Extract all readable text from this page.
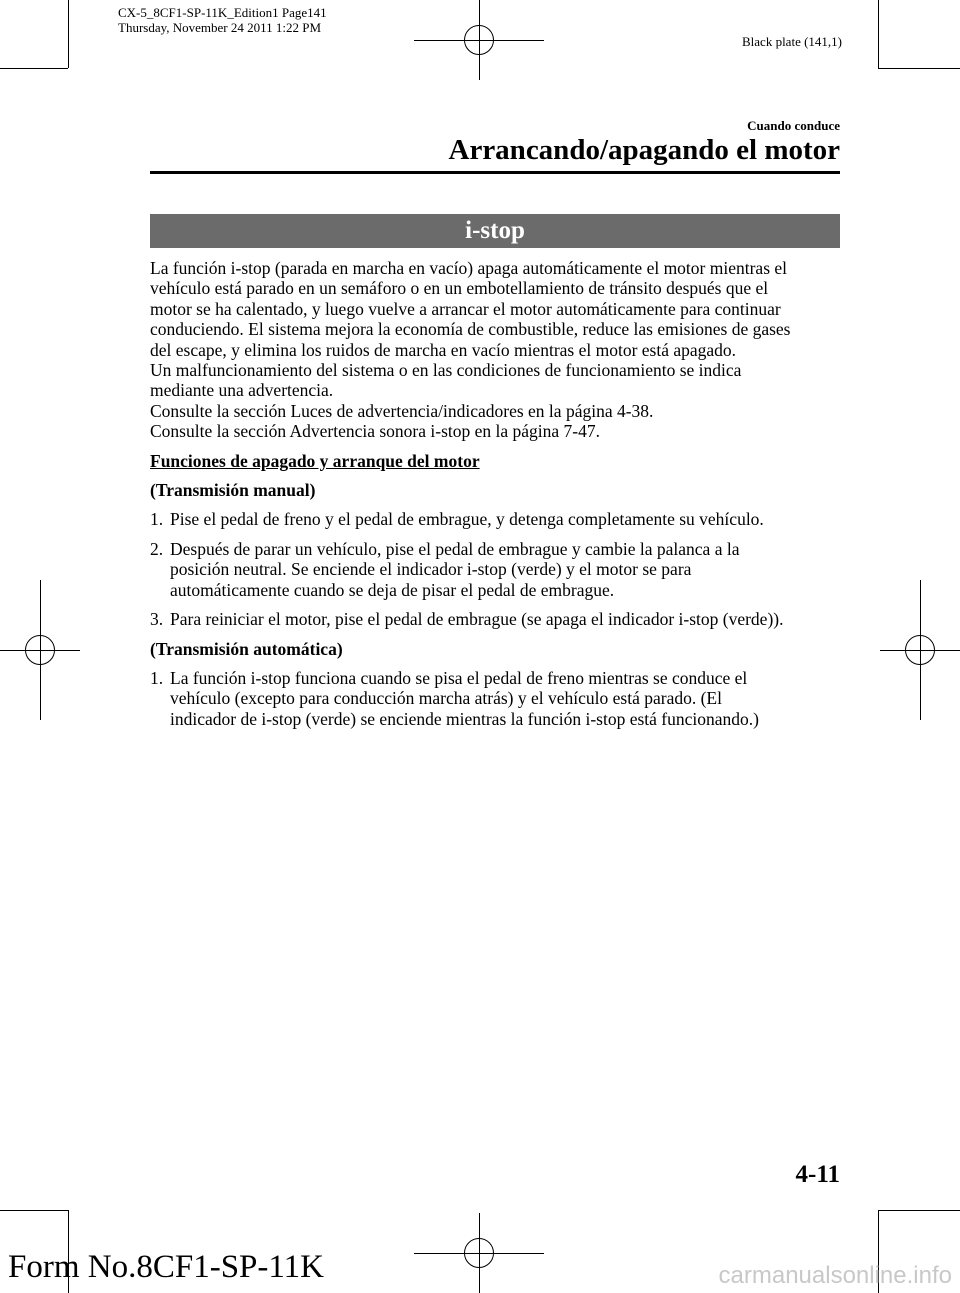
CX-5_8CF1-SP-11K_Edition1 Page141
Thursday, November 24 2011 1:22 PM
Black plate (141,1)
Cuando conduce
Arrancando/apagando el motor
i-stop
La función i-stop (parada en marcha en vacío) apaga automáticamente el motor mientras el
vehículo está parado en un semáforo o en un embotellamiento de tránsito después que el
motor se ha calentado, y luego vuelve a arrancar el motor automáticamente para continuar
conduciendo. El sistema mejora la economía de combustible, reduce las emisiones de gases
del escape, y elimina los ruidos de marcha en vacío mientras el motor está apagado.
Un malfuncionamiento del sistema o en las condiciones de funcionamiento se indica
mediante una advertencia.
Consulte la sección Luces de advertencia/indicadores en la página 4-38.
Consulte la sección Advertencia sonora i-stop en la página 7-47.
Funciones de apagado y arranque del motor
(Transmisión manual)
1. Pise el pedal de freno y el pedal de embrague, y detenga completamente su vehículo.
2. Después de parar un vehículo, pise el pedal de embrague y cambie la palanca a la
posición neutral. Se enciende el indicador i-stop (verde) y el motor se para
automáticamente cuando se deja de pisar el pedal de embrague.
3. Para reiniciar el motor, pise el pedal de embrague (se apaga el indicador i-stop (verde)).
(Transmisión automática)
1. La función i-stop funciona cuando se pisa el pedal de freno mientras se conduce el
vehículo (excepto para conducción marcha atrás) y el vehículo está parado. (El
indicador de i-stop (verde) se enciende mientras la función i-stop está funcionando.)
4-11
Form No.8CF1-SP-11K	carmanualsonline.info
